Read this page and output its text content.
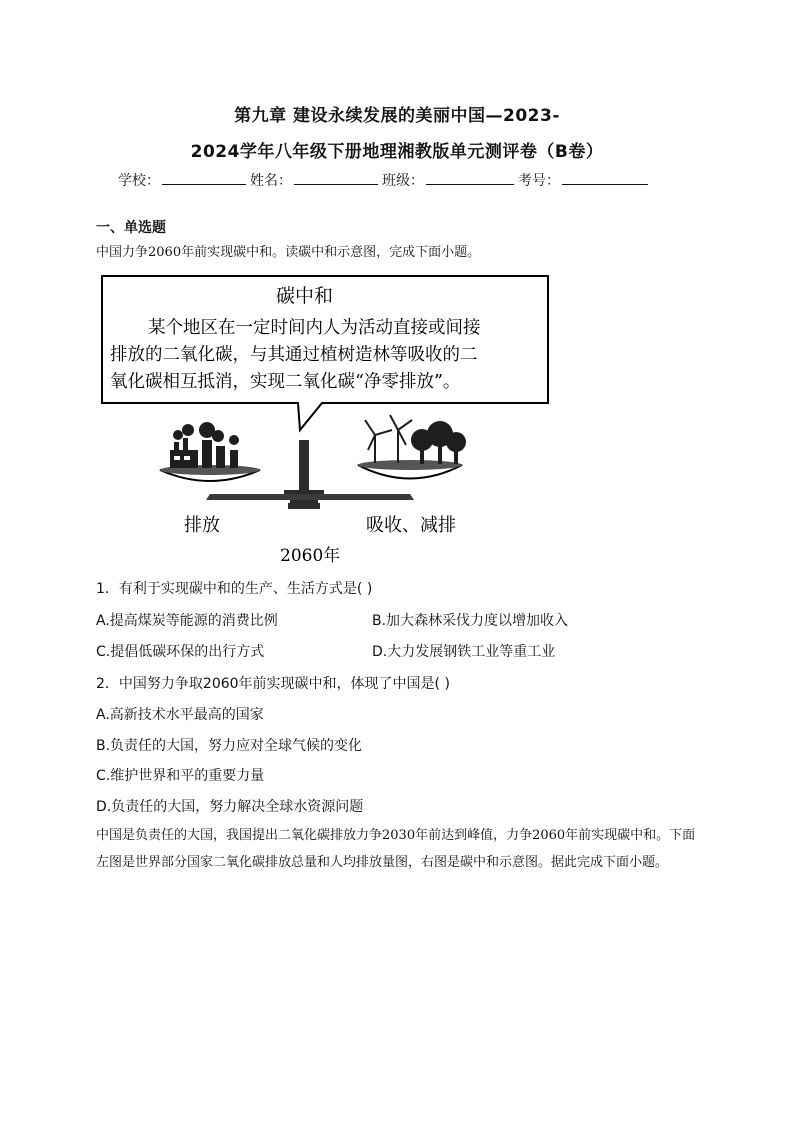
第九章 建设永续发展的美丽中国—2023-
2024学年八年级下册地理湘教版单元测评卷（B卷）
学校：	姓名：	班级：	考号：
一、单选题
中国力争2060年前实现碳中和。读碳中和示意图，完成下面小题。
碳中和
某个地区在一定时间内人为活动直接或间接
排放的二氧化碳，与其通过植树造林等吸收的二
氧化碳相互抵消，实现二氧化碳“净零排放”。
排放	吸收、减排
2060年
1．有利于实现碳中和的生产、生活方式是( )
A.提高煤炭等能源的消费比例	B.加大森林采伐力度以增加收入
C.提倡低碳环保的出行方式	D.大力发展钢铁工业等重工业
2．中国努力争取2060年前实现碳中和，体现了中国是( )
A.高新技术水平最高的国家
B.负责任的大国，努力应对全球气候的变化
C.维护世界和平的重要力量
D.负责任的大国，努力解决全球水资源问题
中国是负责任的大国，我国提出二氧化碳排放力争2030年前达到峰值，力争2060年前实现碳中和。下面左图是世界部分国家二氧化碳排放总量和人均排放量图，右图是碳中和示意图。据此完成下面小题。
